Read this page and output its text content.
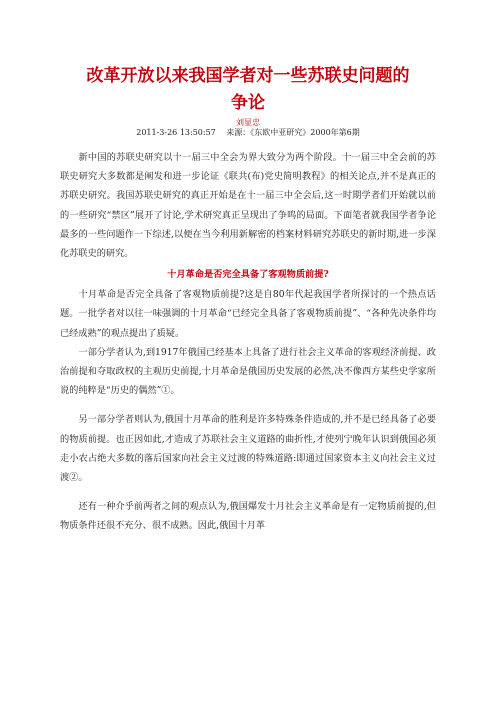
改革开放以来我国学者对一些苏联史问题的
争论
刘显忠
2011-3-26 13:50:57 来源：《东欧中亚研究》2000年第6期

新中国的苏联史研究以十一届三中全会为界大致分为两个阶段。十一届三中全会前的苏联史研究大多数都是阐发和进一步论证《联共(布)党史简明教程》的相关论点,并不是真正的苏联史研究。我国苏联史研究的真正开始是在十一届三中全会后,这一时期学者们开始就以前的一些研究“禁区”展开了讨论,学术研究真正呈现出了争鸣的局面。下面笔者就我国学者争论最多的一些问题作一下综述,以便在当今利用新解密的档案材料研究苏联史的新时期,进一步深化苏联史的研究。

十月革命是否完全具备了客观物质前提?

十月革命是否完全具备了客观物质前提?这是自80年代起我国学者所探讨的一个热点话题。一批学者对以往一味强调的十月革命“已经完全具备了客观物质前提”、“各种先决条件均已经成熟”的观点提出了质疑。

一部分学者认为,到1917年俄国已经基本上具备了进行社会主义革命的客观经济前提、政治前提和夺取政权的主观历史前提,十月革命是俄国历史发展的必然,决不像西方某些史学家所说的纯粹是“历史的偶然”①。

另一部分学者则认为,俄国十月革命的胜利是许多特殊条件造成的,并不是已经具备了必要的物质前提。也正因如此,才造成了苏联社会主义道路的曲折性,才使列宁晚年认识到俄国必须走小农占绝大多数的落后国家向社会主义过渡的特殊道路:即通过国家资本主义向社会主义过渡②。

还有一种介乎前两者之间的观点认为,俄国爆发十月社会主义革命是有一定物质前提的,但物质条件还很不充分、很不成熟。因此,俄国十月革
